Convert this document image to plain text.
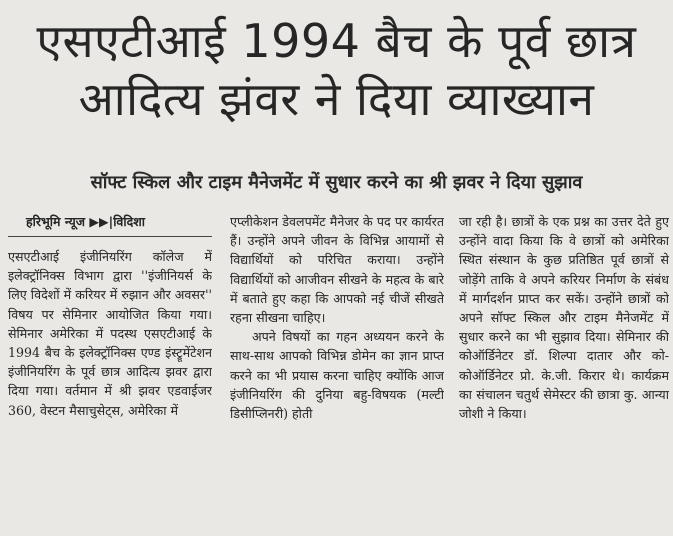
एसएटीआई 1994 बैच के पूर्व छात्र
आदित्य झंवर ने दिया व्याख्यान
सॉफ्ट स्किल और टाइम मैनेजमेंट में सुधार करने का श्री झवर ने दिया सुझाव
हरिभूमि न्यूज ▶▶|विदिशा

एसएटीआई इंजीनियरिंग कॉलेज में इलेक्ट्रॉनिक्स विभाग द्वारा ''इंजीनियर्स के लिए विदेशों में करियर में रुझान और अवसर'' विषय पर सेमिनार आयोजित किया गया। सेमिनार अमेरिका में पदस्थ एसएटीआई के 1994 बैच के इलेक्ट्रॉनिक्स एण्ड इंस्ट्रूमेंटेशन इंजीनियरिंग के पूर्व छात्र आदित्य झवर द्वारा दिया गया। वर्तमान में श्री झवर एडवाईजर 360, वेस्टन मैसाचुसेट्स, अमेरिका में

एप्लीकेशन डेवलपमेंट मैनेजर के पद पर कार्यरत हैं। उन्होंने अपने जीवन के विभिन्न आयामों से विद्यार्थियों को परिचित कराया। उन्होंने विद्यार्थियों को आजीवन सीखने के महत्व के बारे में बताते हुए कहा कि आपको नई चीजें सीखते रहना सीखना चाहिए।

अपने विषयों का गहन अध्ययन करने के साथ-साथ आपको विभिन्न डोमेन का ज्ञान प्राप्त करने का भी प्रयास करना चाहिए क्योंकि आज इंजीनियरिंग की दुनिया बहु-विषयक (मल्टी डिसीप्लिनरी) होती

जा रही है। छात्रों के एक प्रश्न का उत्तर देते हुए उन्होंने वादा किया कि वे छात्रों को अमेरिका स्थित संस्थान के कुछ प्रतिष्ठित पूर्व छात्रों से जोड़ेंगे ताकि वे अपने करियर निर्माण के संबंध में मार्गदर्शन प्राप्त कर सकें। उन्होंने छात्रों को अपने सॉफ्ट स्किल और टाइम मैनेजमेंट में सुधार करने का भी सुझाव दिया। सेमिनार की कोऑर्डिनेटर डॉ. शिल्पा दातार और को- कोऑर्डिनेटर प्रो. के.जी. किरार थे। कार्यक्रम का संचालन चतुर्थ सेमेस्टर की छात्रा कु. आन्या जोशी ने किया।
